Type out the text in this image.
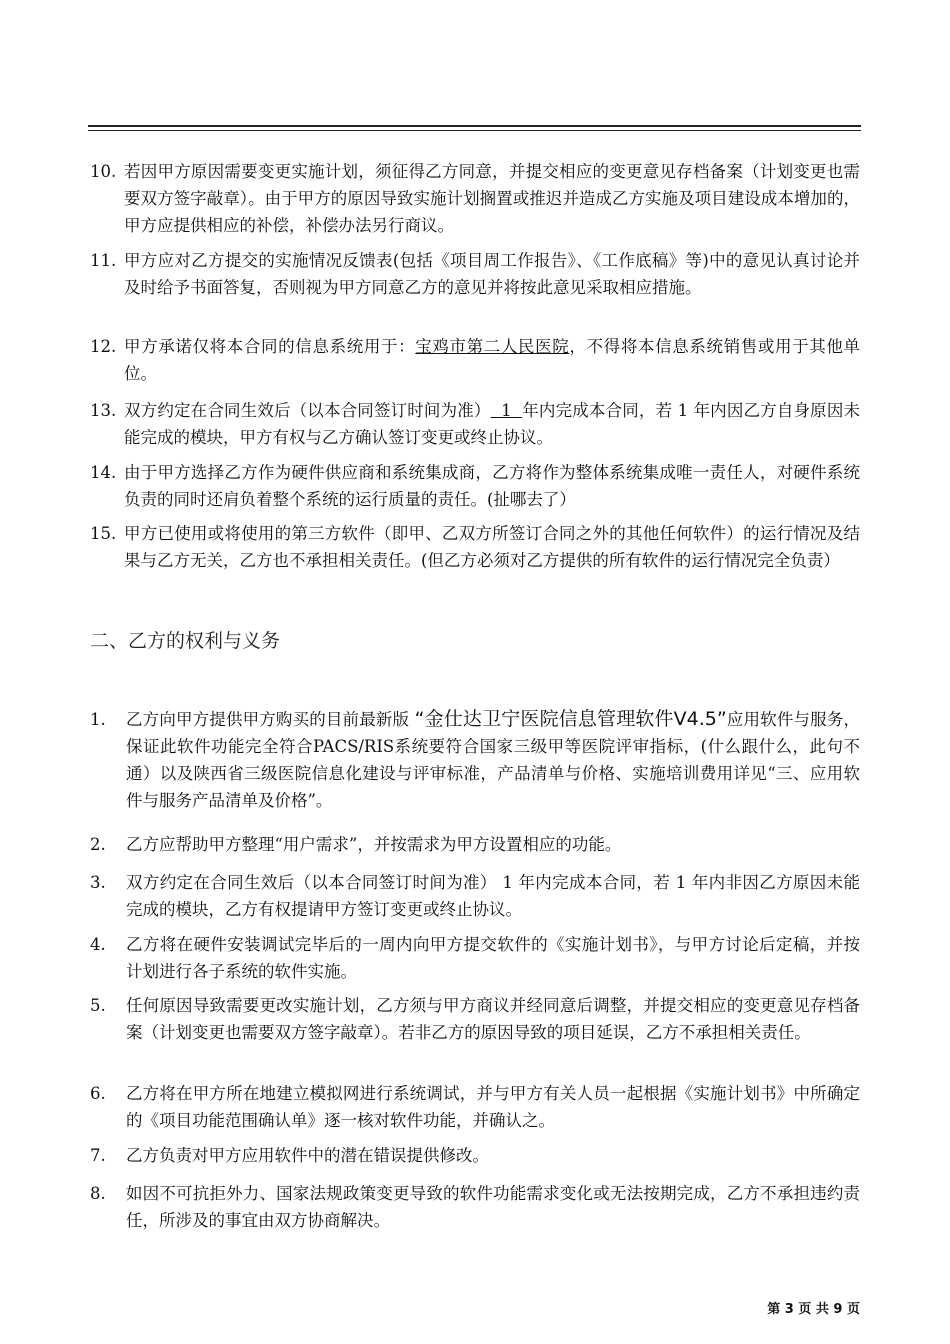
10. 若因甲方原因需要变更实施计划，须征得乙方同意，并提交相应的变更意见存档备案（计划变更也需要双方签字敲章）。由于甲方的原因导致实施计划搁置或推迟并造成乙方实施及项目建设成本增加的，甲方应提供相应的补偿，补偿办法另行商议。
11. 甲方应对乙方提交的实施情况反馈表(包括《项目周工作报告》、《工作底稿》等)中的意见认真讨论并及时给予书面答复，否则视为甲方同意乙方的意见并将按此意见采取相应措施。
12. 甲方承诺仅将本合同的信息系统用于：宝鸡市第二人民医院，不得将本信息系统销售或用于其他单位。
13. 双方约定在合同生效后（以本合同签订时间为准）  1  年内完成本合同，若 1 年内因乙方自身原因未能完成的模块，甲方有权与乙方确认签订变更或终止协议。
14. 由于甲方选择乙方作为硬件供应商和系统集成商，乙方将作为整体系统集成唯一责任人，对硬件系统负责的同时还肩负着整个系统的运行质量的责任。(扯哪去了）
15. 甲方已使用或将使用的第三方软件（即甲、乙双方所签订合同之外的其他任何软件）的运行情况及结果与乙方无关，乙方也不承担相关责任。(但乙方必须对乙方提供的所有软件的运行情况完全负责）
二、乙方的权利与义务
1.	乙方向甲方提供甲方购买的目前最新版 “金仕达卫宁医院信息管理软件V4.5”应用软件与服务，保证此软件功能完全符合PACS/RIS系统要符合国家三级甲等医院评审指标，(什么跟什么，此句不通）以及陕西省三级医院信息化建设与评审标准，产品清单与价格、实施培训费用详见“三、应用软件与服务产品清单及价格”。
2.	乙方应帮助甲方整理“用户需求”，并按需求为甲方设置相应的功能。
3.	双方约定在合同生效后（以本合同签订时间为准） 1 年内完成本合同，若 1 年内非因乙方原因未能完成的模块，乙方有权提请甲方签订变更或终止协议。
4.	乙方将在硬件安装调试完毕后的一周内向甲方提交软件的《实施计划书》，与甲方讨论后定稿，并按计划进行各子系统的软件实施。
5.	任何原因导致需要更改实施计划，乙方须与甲方商议并经同意后调整，并提交相应的变更意见存档备案（计划变更也需要双方签字敲章）。若非乙方的原因导致的项目延误，乙方不承担相关责任。
6.	乙方将在甲方所在地建立模拟网进行系统调试，并与甲方有关人员一起根据《实施计划书》中所确定的《项目功能范围确认单》逐一核对软件功能，并确认之。
7.	乙方负责对甲方应用软件中的潜在错误提供修改。
8.	如因不可抗拒外力、国家法规政策变更导致的软件功能需求变化或无法按期完成，乙方不承担违约责任，所涉及的事宜由双方协商解决。
第 3 页 共 9 页
